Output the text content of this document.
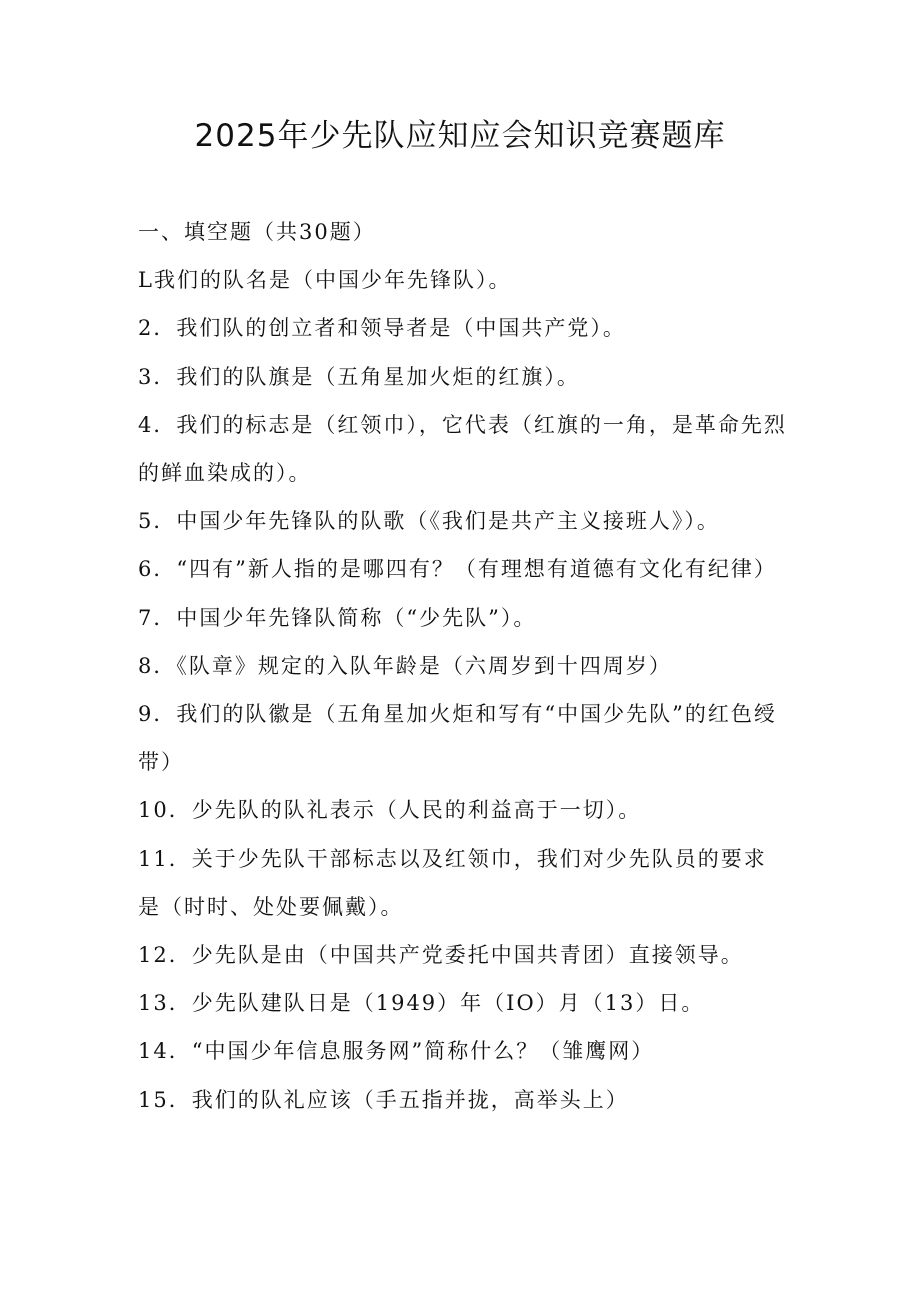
2025年少先队应知应会知识竞赛题库

一、填空题（共30题）

L我们的队名是（中国少年先锋队）。

2．我们队的创立者和领导者是（中国共产党）。

3．我们的队旗是（五角星加火炬的红旗）。

4．我们的标志是（红领巾），它代表（红旗的一角，是革命先烈的鲜血染成的）。

5．中国少年先锋队的队歌（《我们是共产主义接班人》）。

6．“四有”新人指的是哪四有？（有理想有道德有文化有纪律）

7．中国少年先锋队简称（“少先队”）。

8．《队章》规定的入队年龄是（六周岁到十四周岁）

9．我们的队徽是（五角星加火炬和写有“中国少先队”的红色绶带）

10．少先队的队礼表示（人民的利益高于一切）。

11．关于少先队干部标志以及红领巾，我们对少先队员的要求是（时时、处处要佩戴）。

12．少先队是由（中国共产党委托中国共青团）直接领导。

13．少先队建队日是（1949）年（IO）月（13）日。

14．“中国少年信息服务网”简称什么？（雏鹰网）

15．我们的队礼应该（手五指并拢，高举头上）
